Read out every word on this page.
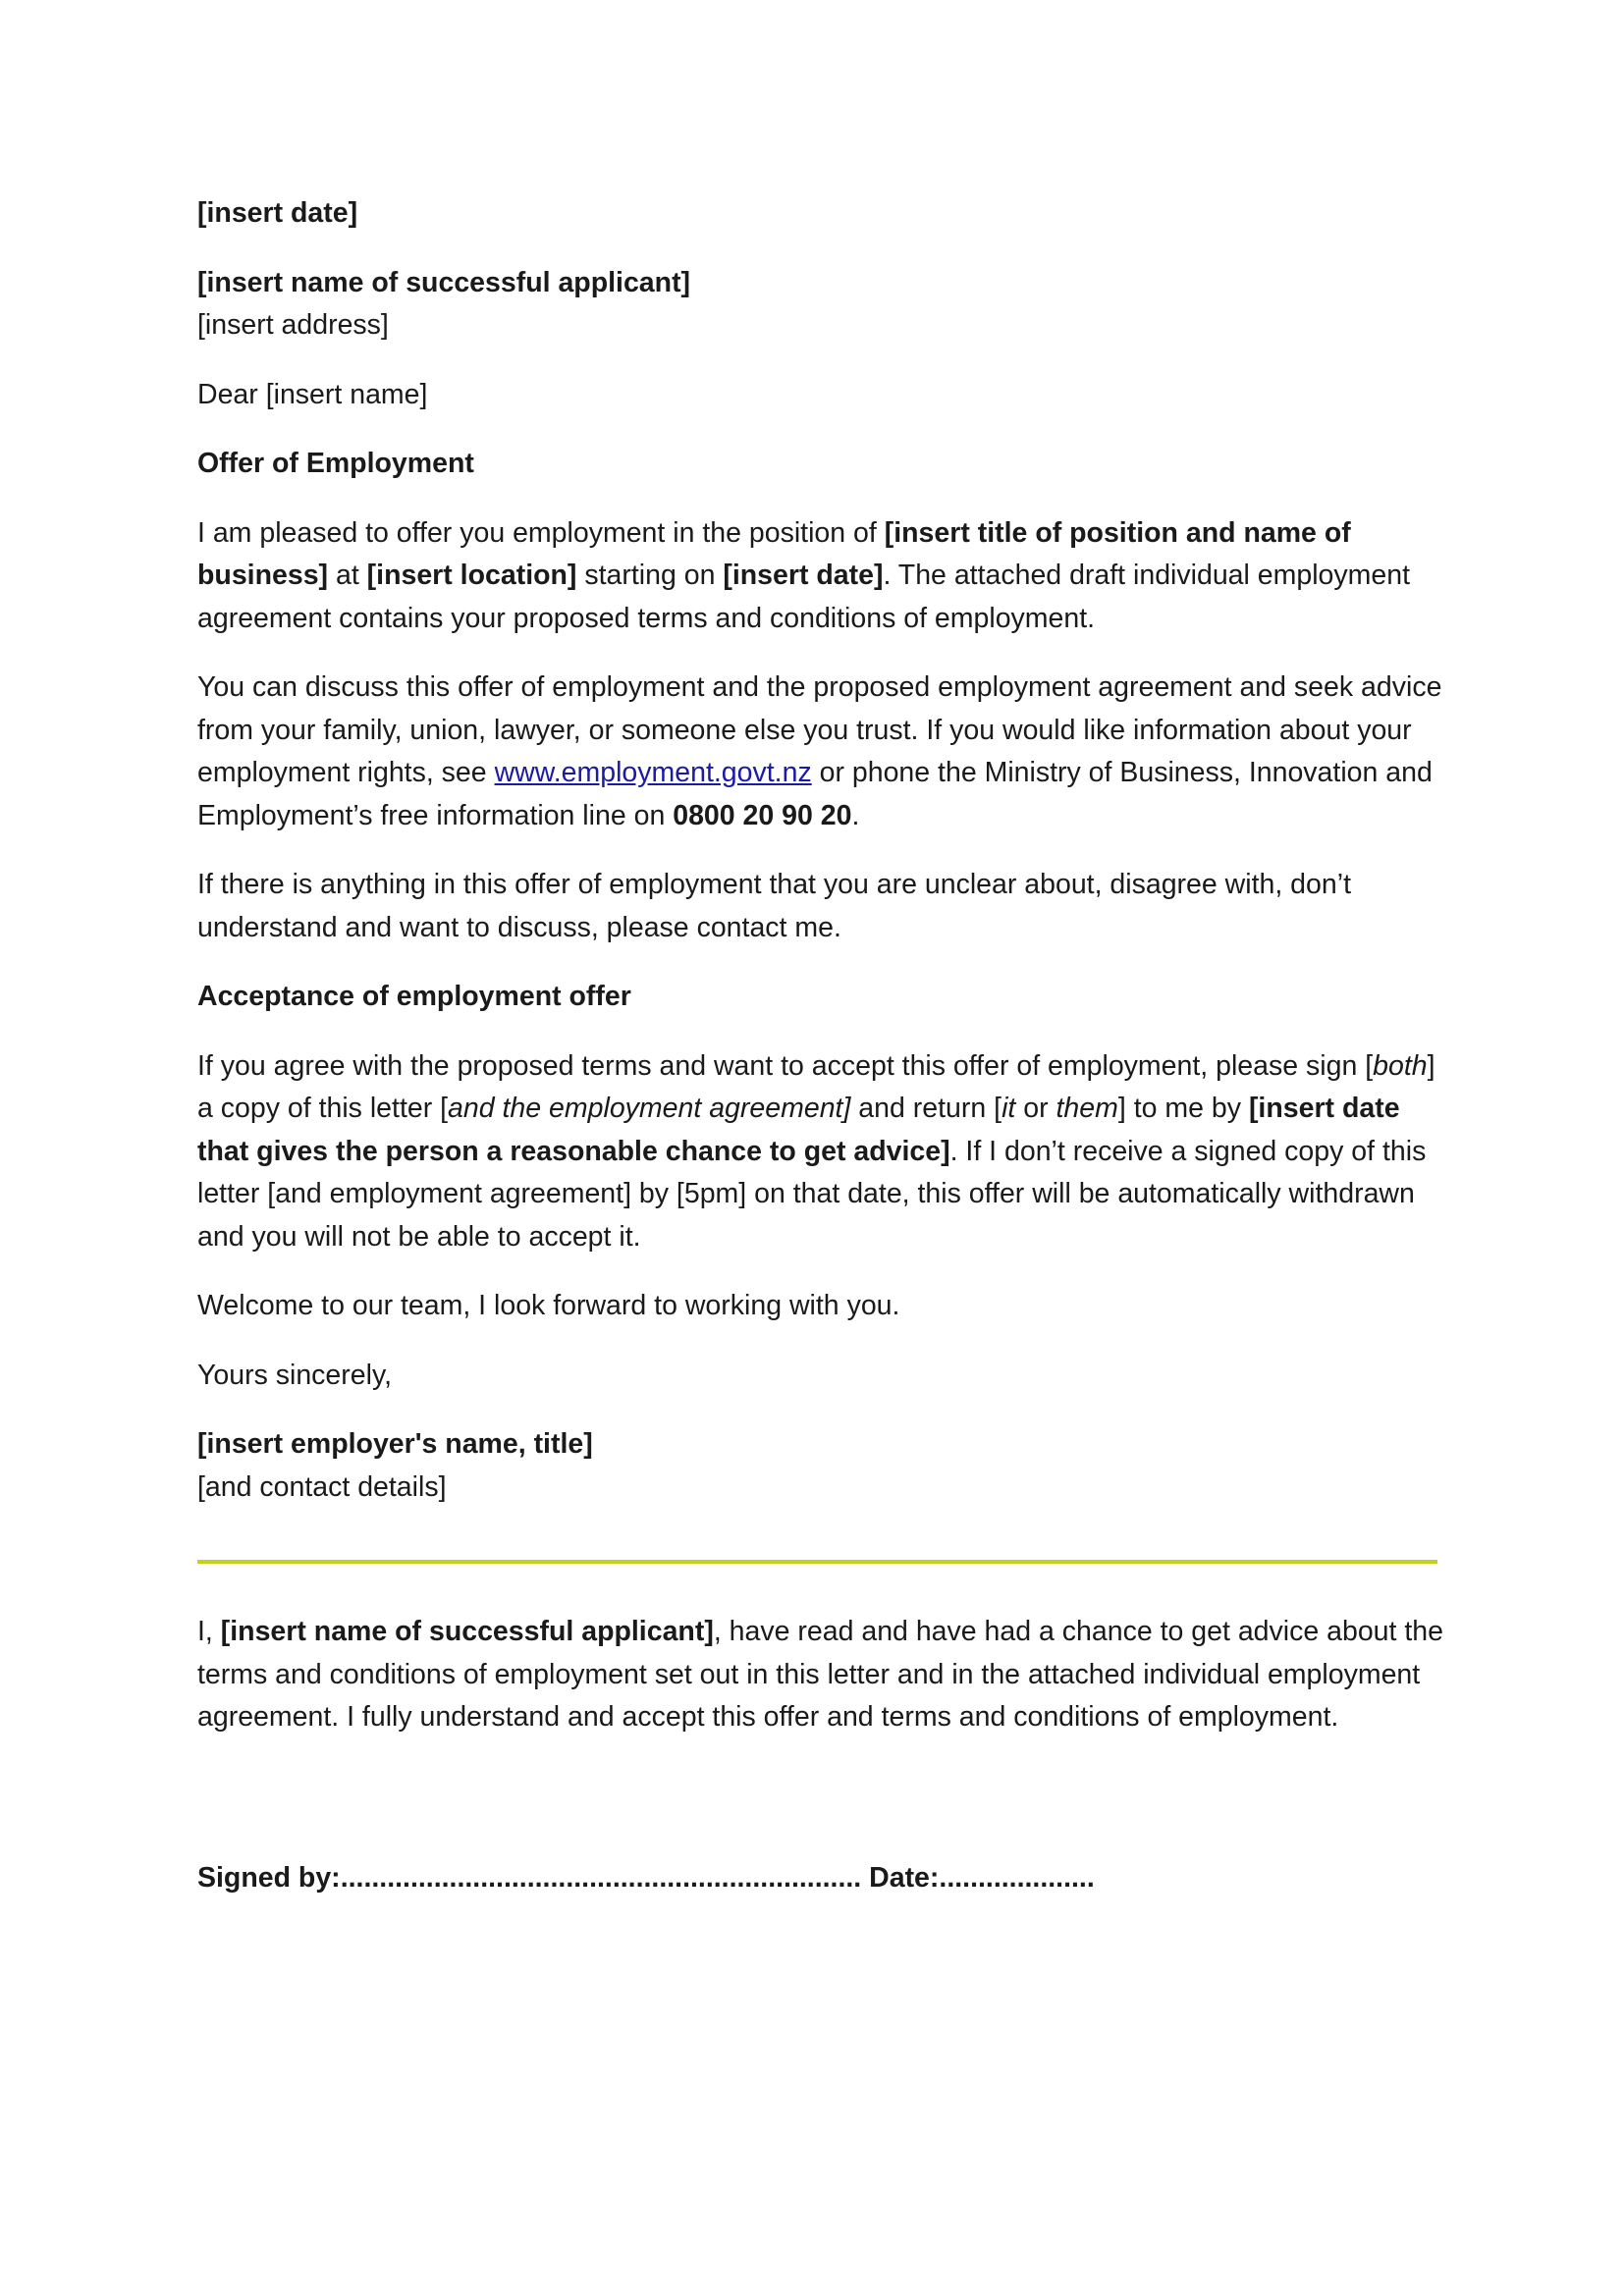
[insert date]

[insert name of successful applicant]
[insert address]

Dear [insert name]

Offer of Employment

I am pleased to offer you employment in the position of [insert title of position and name of business] at [insert location] starting on [insert date]. The attached draft individual employment agreement contains your proposed terms and conditions of employment.

You can discuss this offer of employment and the proposed employment agreement and seek advice from your family, union, lawyer, or someone else you trust. If you would like information about your employment rights, see www.employment.govt.nz or phone the Ministry of Business, Innovation and Employment’s free information line on 0800 20 90 20.

If there is anything in this offer of employment that you are unclear about, disagree with, don’t understand and want to discuss, please contact me.

Acceptance of employment offer

If you agree with the proposed terms and want to accept this offer of employment, please sign [both] a copy of this letter [and the employment agreement] and return [it or them] to me by [insert date that gives the person a reasonable chance to get advice]. If I don’t receive a signed copy of this letter [and employment agreement] by [5pm] on that date, this offer will be automatically withdrawn and you will not be able to accept it.

Welcome to our team, I look forward to working with you.

Yours sincerely,

[insert employer's name, title]
[and contact details]

I, [insert name of successful applicant], have read and have had a chance to get advice about the terms and conditions of employment set out in this letter and in the attached individual employment agreement. I fully understand and accept this offer and terms and conditions of employment.

Signed by:................................................................... Date:....................
